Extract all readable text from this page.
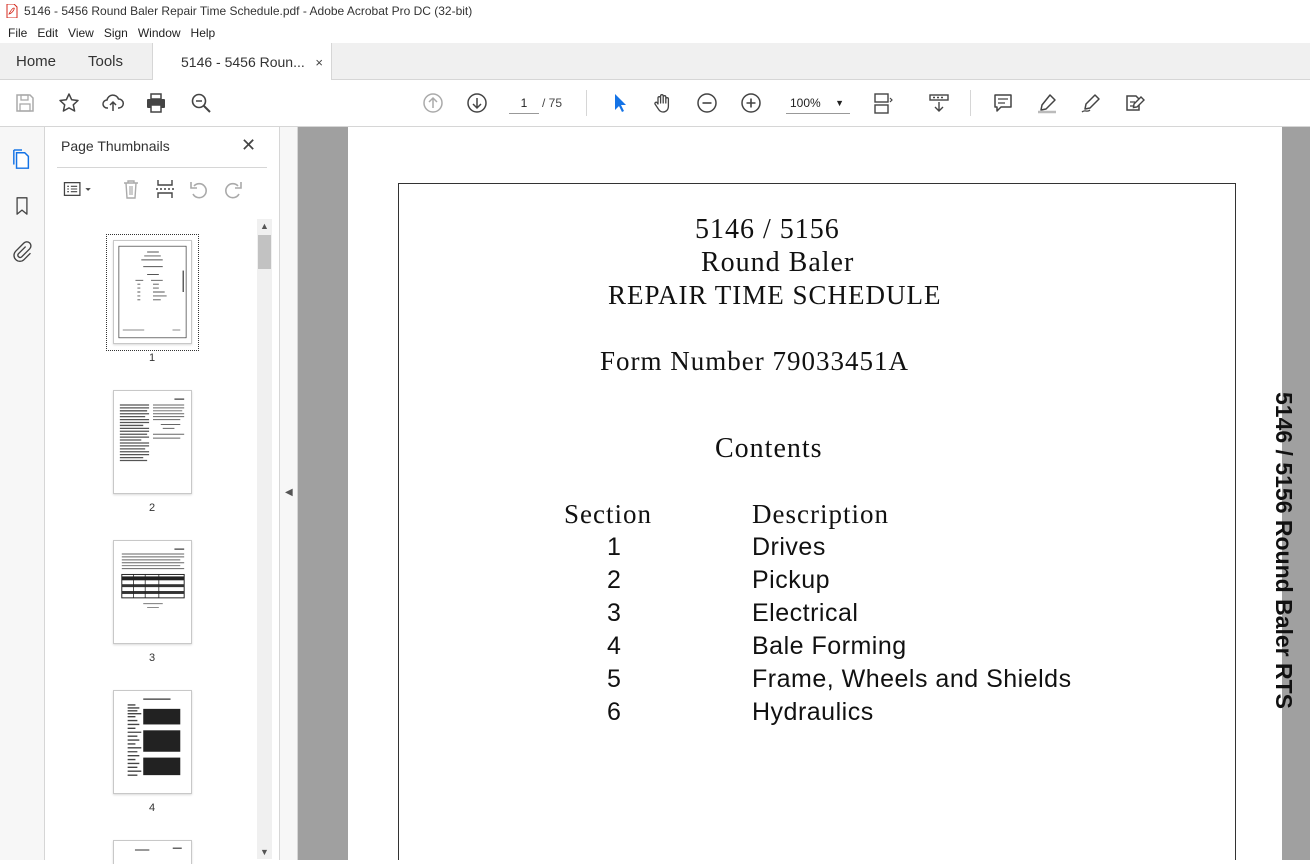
5146 - 5456 Round Baler Repair Time Schedule.pdf - Adobe Acrobat Pro DC (32-bit)
File Edit View Sign Window Help
Home Tools	5146 - 5456 Roun... ×
1	/ 75	100% ▼
Page Thumbnails	✕
1
2
3
4
▲
▼
◀
5146 / 5156
Round Baler
REPAIR TIME SCHEDULE
Form Number 79033451A
Contents
Section	Description
1	Drives
2	Pickup
3	Electrical
4	Bale Forming
5	Frame, Wheels and Shields
6	Hydraulics
5146 / 5156 Round Baler RTS
